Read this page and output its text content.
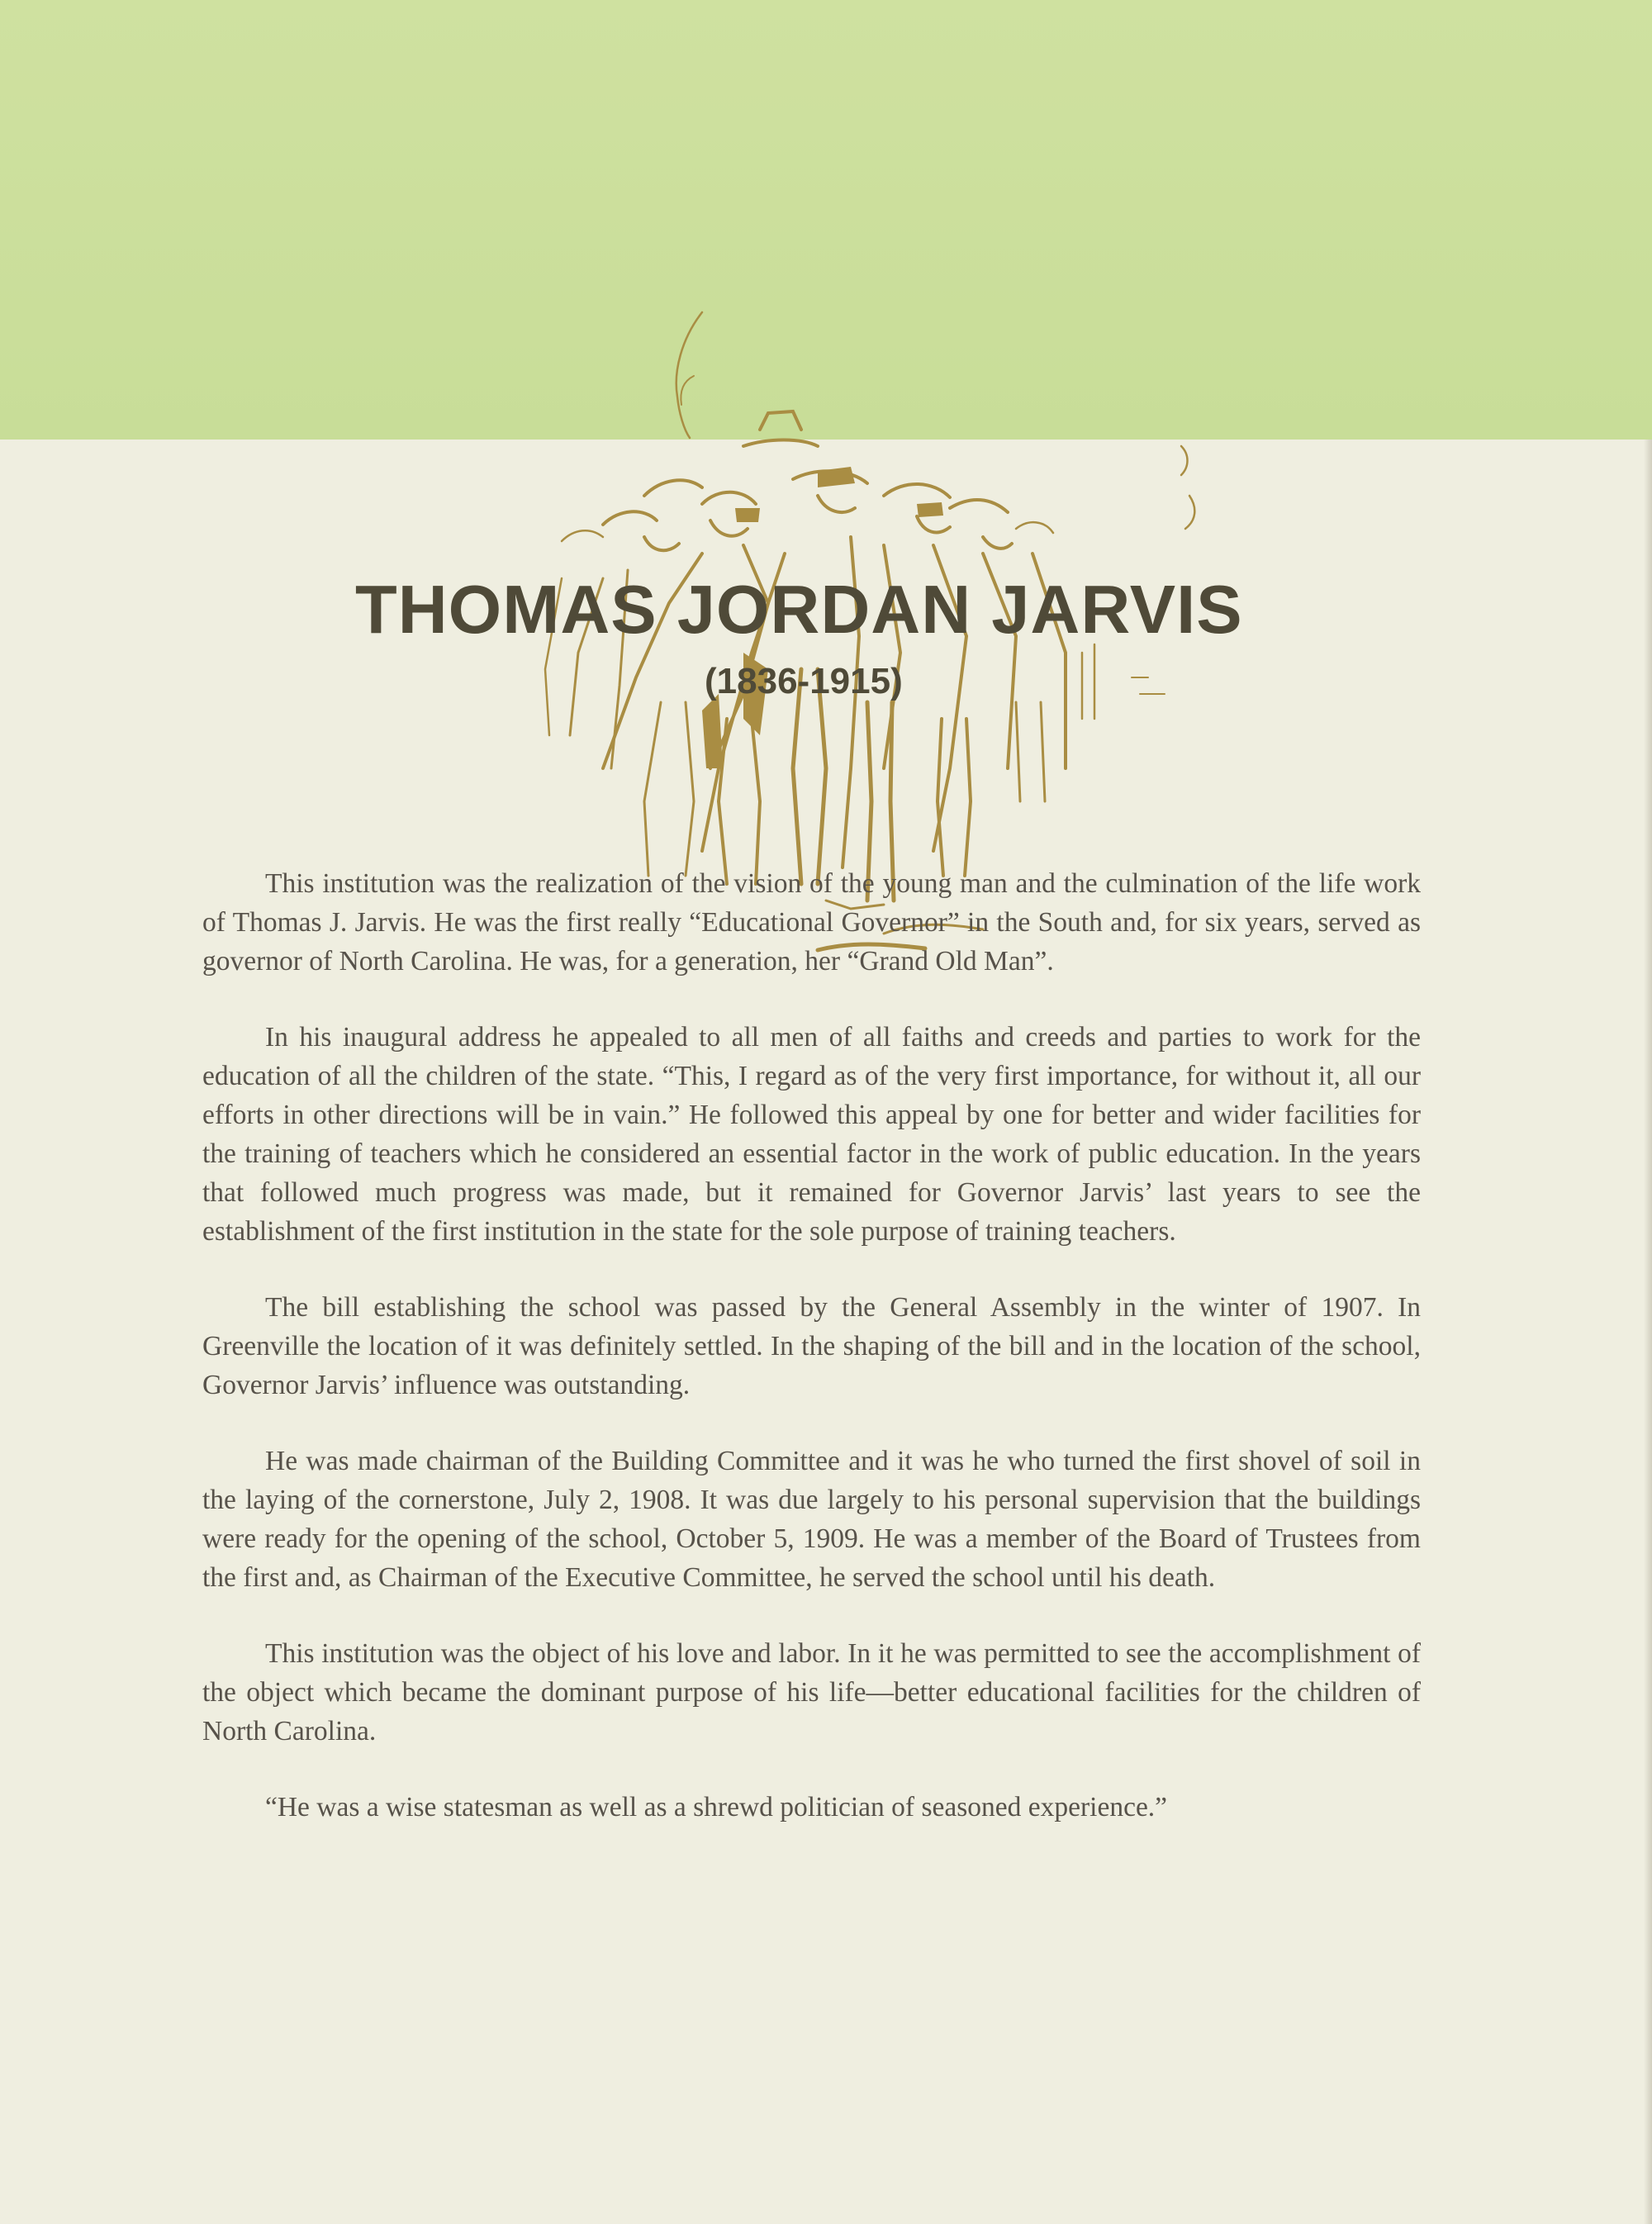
THOMAS JORDAN JARVIS
(1836-1915)

This institution was the realization of the vision of the young man and the culmination of the life work of Thomas J. Jarvis. He was the first really “Educational Governor” in the South and, for six years, served as governor of North Carolina. He was, for a generation, her “Grand Old Man”.

In his inaugural address he appealed to all men of all faiths and creeds and parties to work for the education of all the children of the state. “This, I regard as of the very first importance, for without it, all our efforts in other directions will be in vain.” He followed this appeal by one for better and wider facilities for the training of teachers which he considered an essential factor in the work of public education. In the years that followed much progress was made, but it remained for Governor Jarvis’ last years to see the establishment of the first institution in the state for the sole purpose of training teachers.

The bill establishing the school was passed by the General Assembly in the winter of 1907. In Greenville the location of it was definitely settled. In the shaping of the bill and in the location of the school, Governor Jarvis’ influence was outstanding.

He was made chairman of the Building Committee and it was he who turned the first shovel of soil in the laying of the cornerstone, July 2, 1908. It was due largely to his personal supervision that the buildings were ready for the opening of the school, October 5, 1909. He was a member of the Board of Trustees from the first and, as Chairman of the Executive Committee, he served the school until his death.

This institution was the object of his love and labor. In it he was permitted to see the accomplishment of the object which became the dominant purpose of his life—better educational facilities for the children of North Carolina.

“He was a wise statesman as well as a shrewd politician of seasoned experience.”
